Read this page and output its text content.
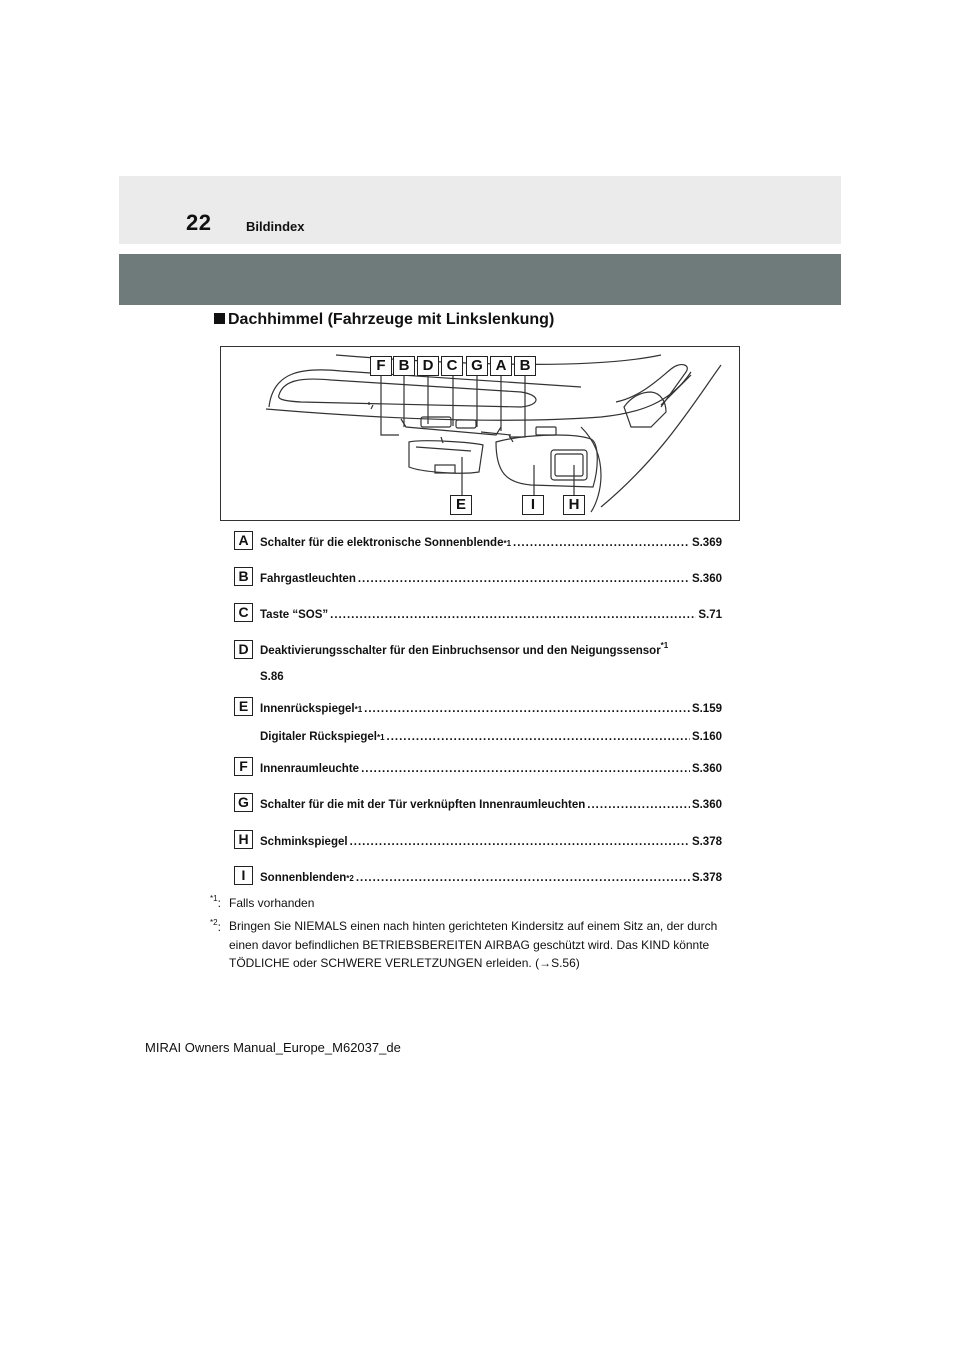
22	Bildindex
Dachhimmel (Fahrzeuge mit Linkslenkung)
F B D C G A B
E	I	H
A Schalter für die elektronische Sonnenblende *1 .....	S.369
B Fahrgastleuchten .....	S.360
C Taste “SOS” .....	S.71
D Deaktivierungsschalter für den Einbruchsensor und den Neigungssensor$^{*1}$
S.86
E	Innenrückspiegel *1 .....	S.159
Digitaler Rückspiegel *1 .....	S.160
F	Innenraumleuchte .....	S.360
G Schalter für die mit der Tür verknüpften Innenraumleuchten .....	S.360
H Schminkspiegel .....	S.378
I	Sonnenblenden *2 .....	S.378
$^{*1}$: Falls vorhanden
$^{*2}$: Bringen Sie NIEMALS einen nach hinten gerichteten Kindersitz auf einem Sitz an, der durch einen davor befindlichen BETRIEBSBEREITEN AIRBAG geschützt wird. Das KIND könnte TÖDLICHE oder SCHWERE VERLETZUNGEN erleiden. (→S.56)
MIRAI Owners Manual_Europe_M62037_de
